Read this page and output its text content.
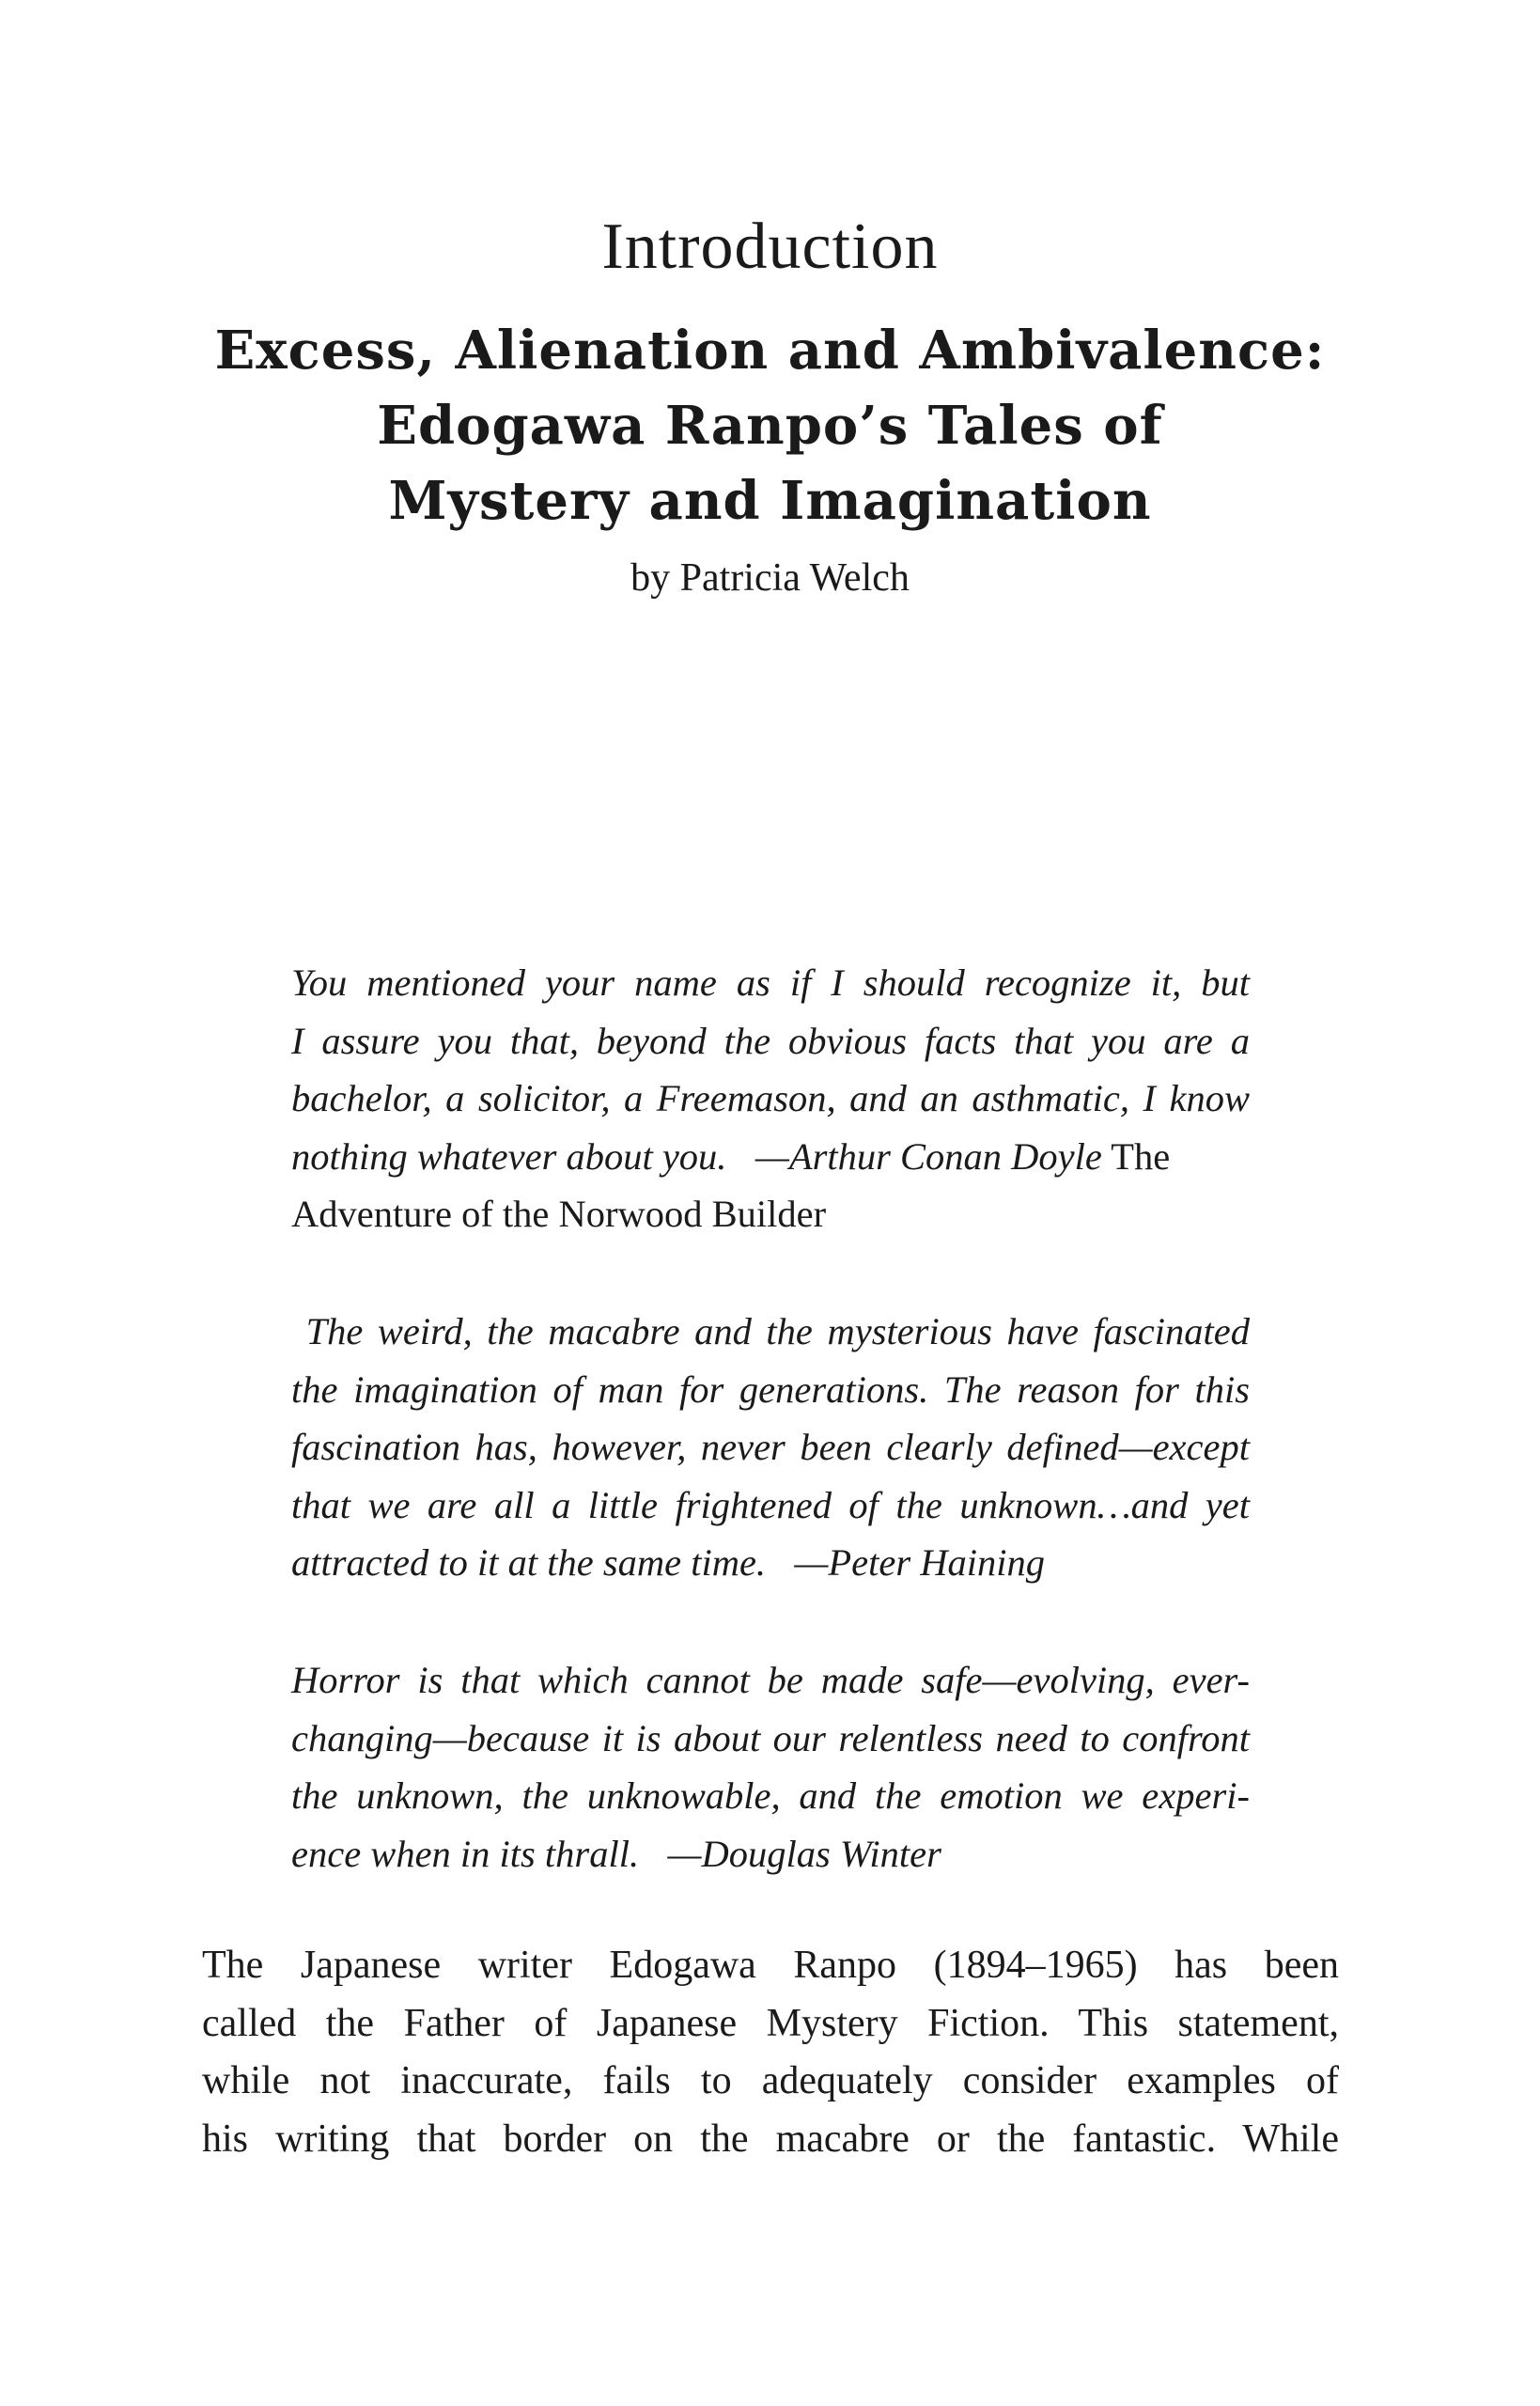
Introduction
Excess, Alienation and Ambivalence:
Edogawa Ranpo’s Tales of
Mystery and Imagination

by Patricia Welch

You mentioned your name as if I should recognize it, but
I assure you that, beyond the obvious facts that you are a
bachelor, a solicitor, a Freemason, and an asthmatic, I know
nothing whatever about you. —Arthur Conan Doyle The
Adventure of the Norwood Builder
The weird, the macabre and the mysterious have fascinated
the imagination of man for generations. The reason for this
fascination has, however, never been clearly defined—except
that we are all a little frightened of the unknown…and yet
attracted to it at the same time. —Peter Haining
Horror is that which cannot be made safe—evolving, ever-
changing—because it is about our relentless need to confront
the unknown, the unknowable, and the emotion we experi-
ence when in its thrall. —Douglas Winter
The Japanese writer Edogawa Ranpo (1894–1965) has been
called the Father of Japanese Mystery Fiction. This statement,
while not inaccurate, fails to adequately consider examples of
his writing that border on the macabre or the fantastic. While
